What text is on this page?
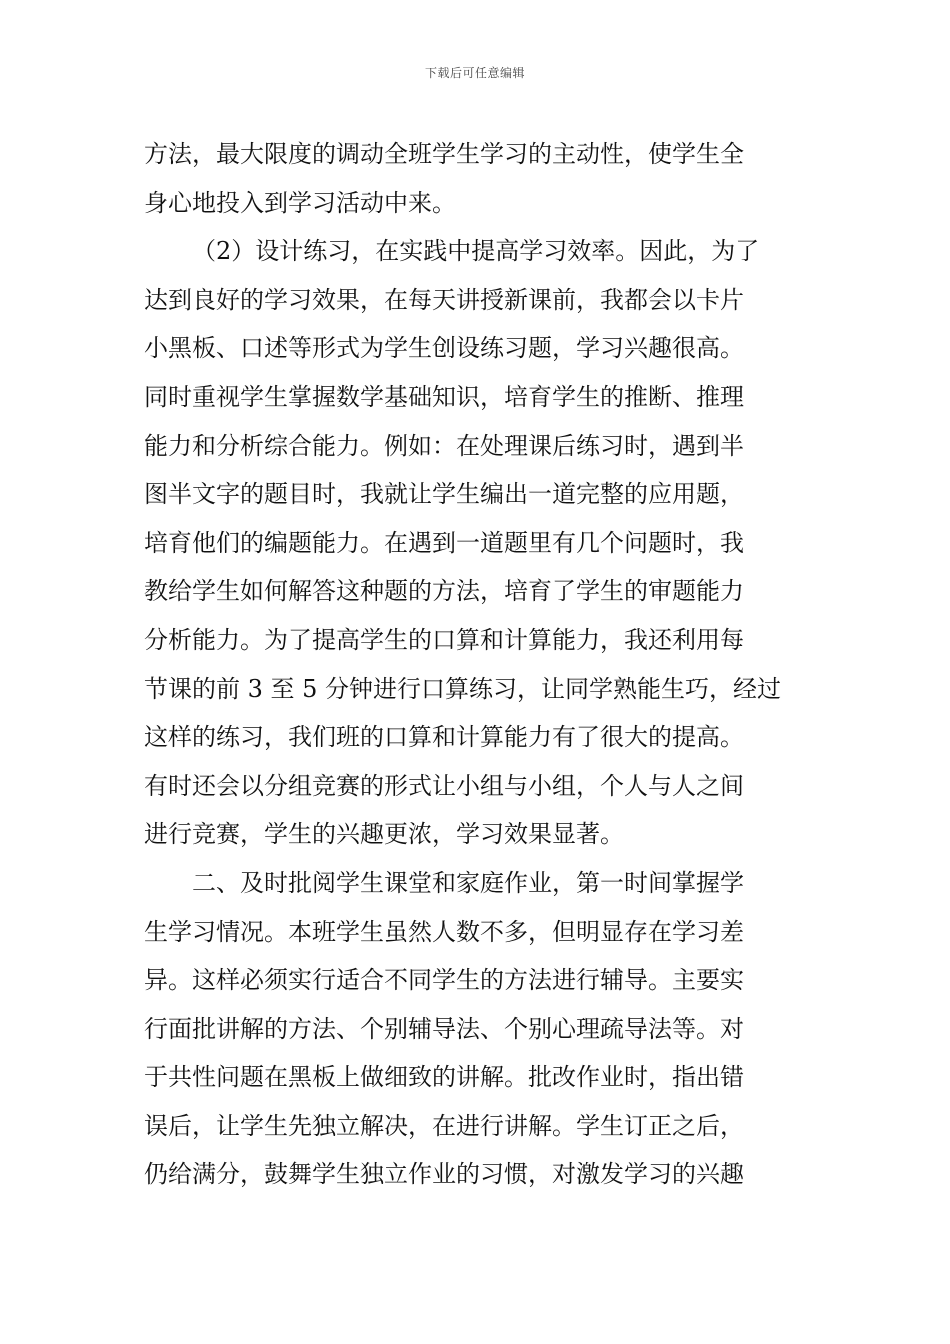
下载后可任意编辑
方法，最大限度的调动全班学生学习的主动性，使学生全
身心地投入到学习活动中来。
（2）设计练习，在实践中提高学习效率。因此，为了
达到良好的学习效果，在每天讲授新课前，我都会以卡片
小黑板、口述等形式为学生创设练习题，学习兴趣很高。
同时重视学生掌握数学基础知识，培育学生的推断、推理
能力和分析综合能力。例如：在处理课后练习时，遇到半
图半文字的题目时，我就让学生编出一道完整的应用题，
培育他们的编题能力。在遇到一道题里有几个问题时，我
教给学生如何解答这种题的方法，培育了学生的审题能力
分析能力。为了提高学生的口算和计算能力，我还利用每
节课的前 3 至 5 分钟进行口算练习，让同学熟能生巧，经过
这样的练习，我们班的口算和计算能力有了很大的提高。
有时还会以分组竞赛的形式让小组与小组，个人与人之间
进行竞赛，学生的兴趣更浓，学习效果显著。
二、及时批阅学生课堂和家庭作业，第一时间掌握学
生学习情况。本班学生虽然人数不多，但明显存在学习差
异。这样必须实行适合不同学生的方法进行辅导。主要实
行面批讲解的方法、个别辅导法、个别心理疏导法等。对
于共性问题在黑板上做细致的讲解。批改作业时，指出错
误后，让学生先独立解决，在进行讲解。学生订正之后，
仍给满分，鼓舞学生独立作业的习惯，对激发学习的兴趣
